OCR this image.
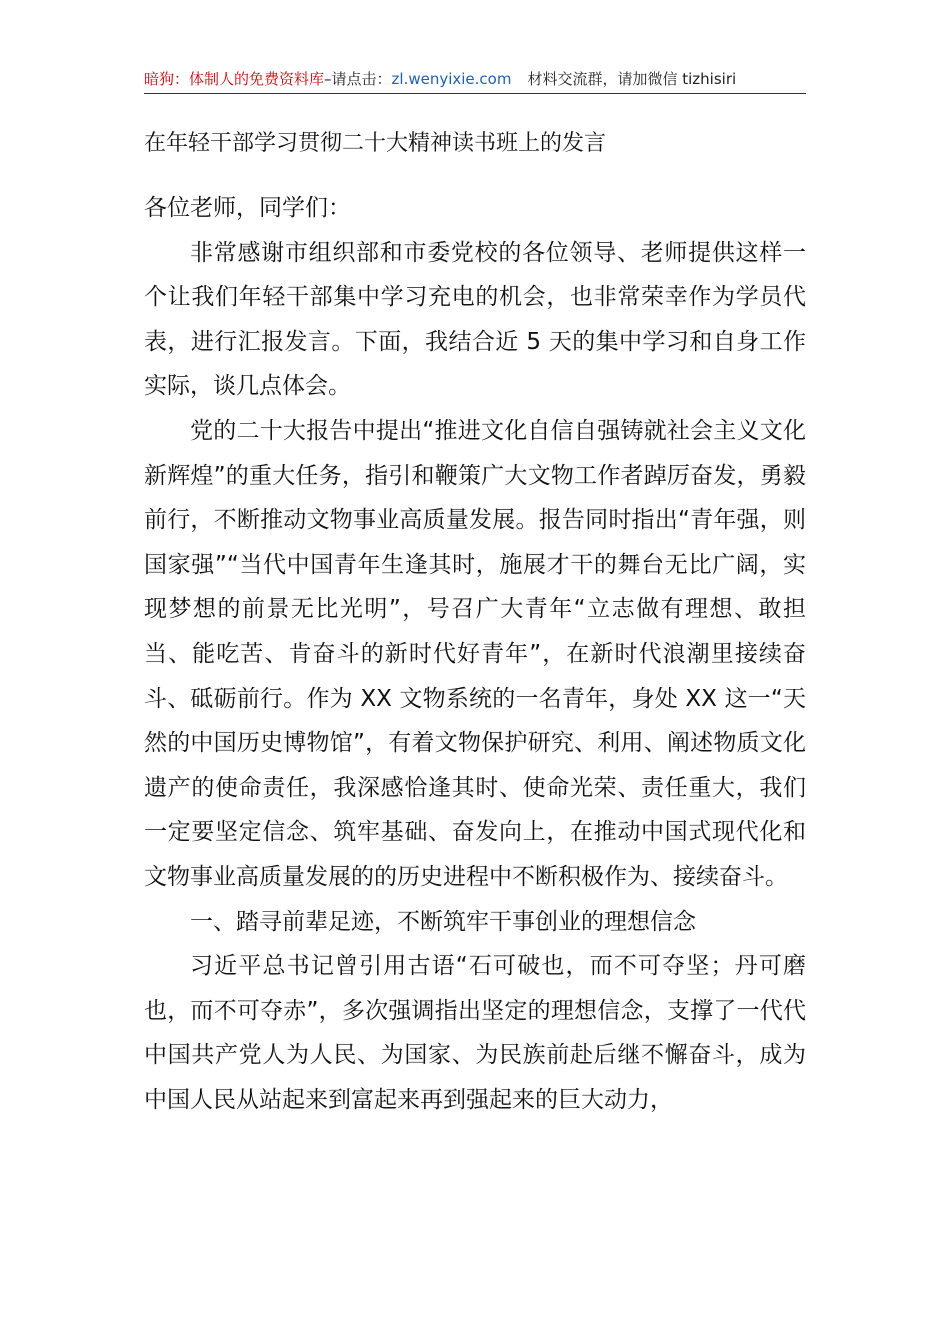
暗狗：体制人的免费资料库–请点击：zl.wenyixie.com 材料交流群，请加微信 tizhisiri
在年轻干部学习贯彻二十大精神读书班上的发言

各位老师，同学们：

非常感谢市组织部和市委党校的各位领导、老师提供这样一个让我们年轻干部集中学习充电的机会，也非常荣幸作为学员代表，进行汇报发言。下面，我结合近 5 天的集中学习和自身工作实际，谈几点体会。

党的二十大报告中提出“推进文化自信自强铸就社会主义文化新辉煌”的重大任务，指引和鞭策广大文物工作者踔厉奋发，勇毅前行，不断推动文物事业高质量发展。报告同时指出“青年强，则国家强”“当代中国青年生逢其时，施展才干的舞台无比广阔，实现梦想的前景无比光明”，号召广大青年“立志做有理想、敢担当、能吃苦、肯奋斗的新时代好青年”，在新时代浪潮里接续奋斗、砥砺前行。作为 XX 文物系统的一名青年，身处 XX 这一“天然的中国历史博物馆”，有着文物保护研究、利用、阐述物质文化遗产的使命责任，我深感恰逢其时、使命光荣、责任重大，我们一定要坚定信念、筑牢基础、奋发向上，在推动中国式现代化和文物事业高质量发展的的历史进程中不断积极作为、接续奋斗。

一、踏寻前辈足迹，不断筑牢干事创业的理想信念

习近平总书记曾引用古语“石可破也，而不可夺坚；丹可磨也，而不可夺赤”，多次强调指出坚定的理想信念，支撑了一代代中国共产党人为人民、为国家、为民族前赴后继不懈奋斗，成为中国人民从站起来到富起来再到强起来的巨大动力，
